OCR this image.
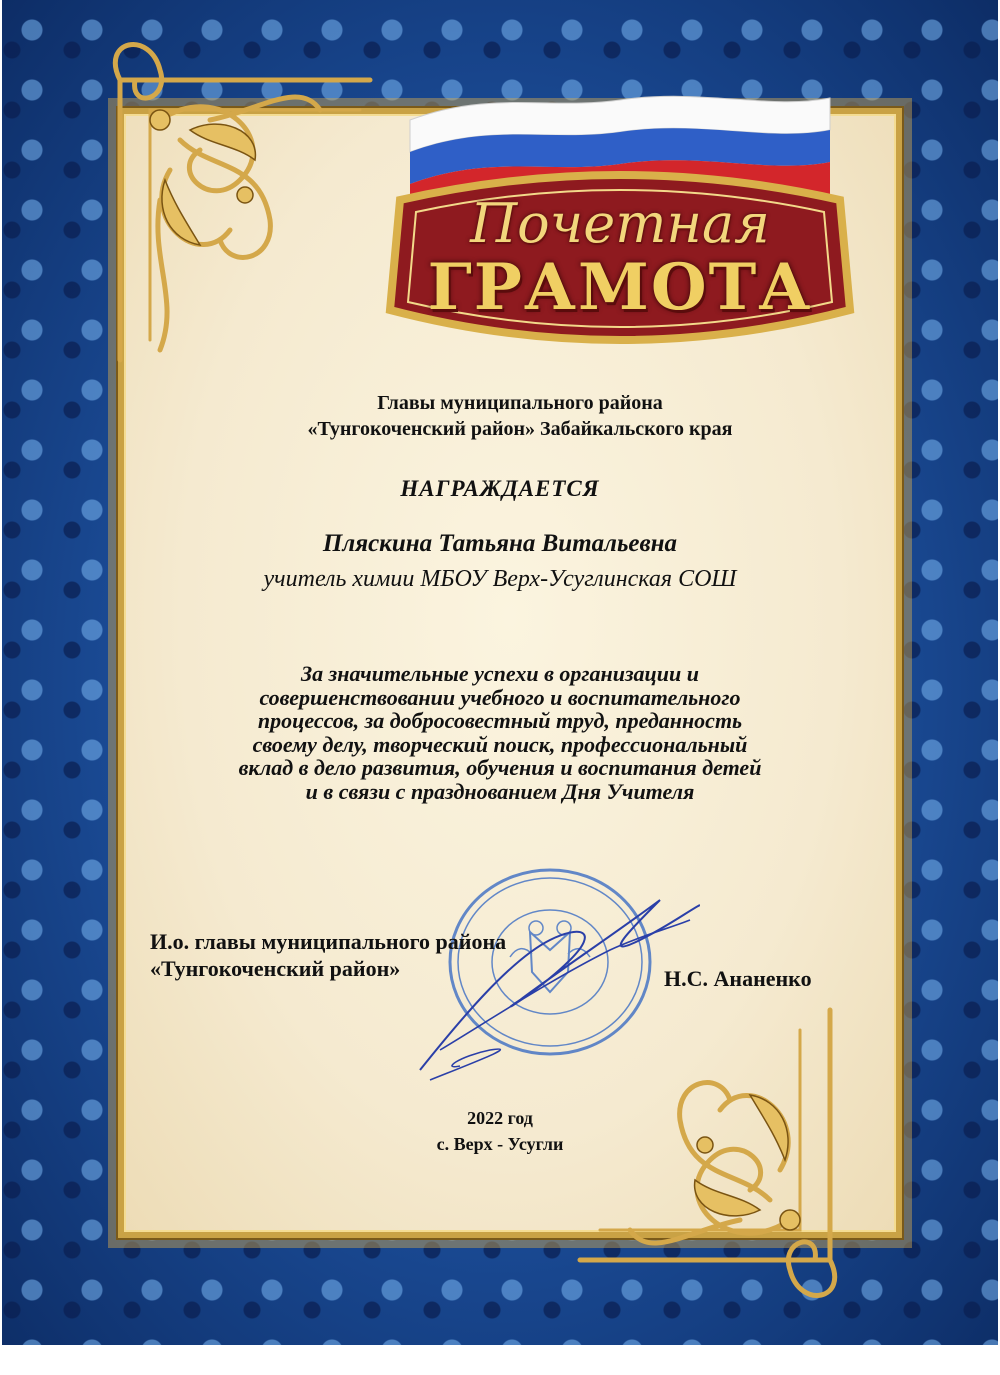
Почетная
ГРАМОТА
Главы муниципального района
«Тунгокоченский район» Забайкальского края
НАГРАЖДАЕТСЯ
Пляскина Татьяна Витальевна
учитель химии МБОУ Верх-Усуглинская СОШ
За значительные успехи в организации и
совершенствовании учебного и воспитательного
процессов, за добросовестный труд, преданность
своему делу, творческий поиск, профессиональный
вклад в дело развития, обучения и воспитания детей
и в связи с празднованием Дня Учителя
И.о. главы муниципального района
«Тунгокоченский район»	Н.С. Ананенко
2022 год
с. Верх - Усугли
